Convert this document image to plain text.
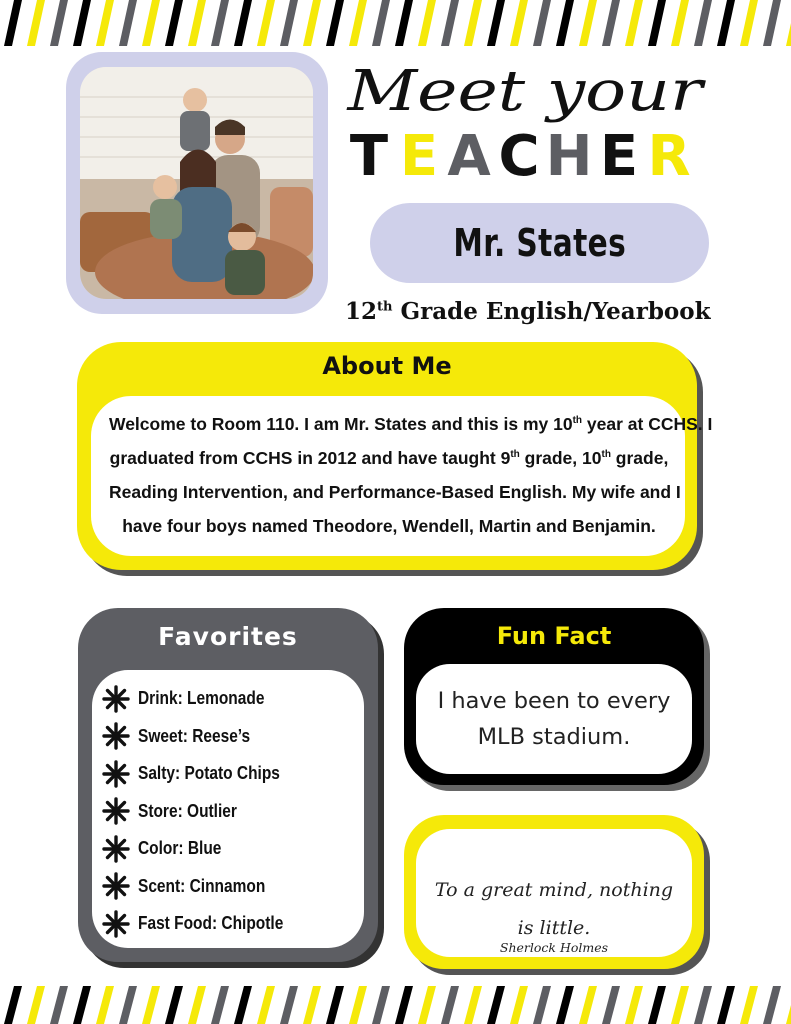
Meet your
T E A C H E R
Mr. States
12th Grade English/Yearbook
About Me
Welcome to Room 110. I am Mr. States and this is my 10th year at CCHS. I
graduated from CCHS in 2012 and have taught 9th grade, 10th grade,
Reading Intervention, and Performance-Based English. My wife and I
have four boys named Theodore, Wendell, Martin and Benjamin.
Favorites
Drink: Lemonade
Sweet: Reese’s
Salty: Potato Chips
Store: Outlier
Color: Blue
Scent: Cinnamon
Fast Food: Chipotle
Fun Fact
I have been to every MLB stadium.
To a great mind, nothing is little.
Sherlock Holmes
